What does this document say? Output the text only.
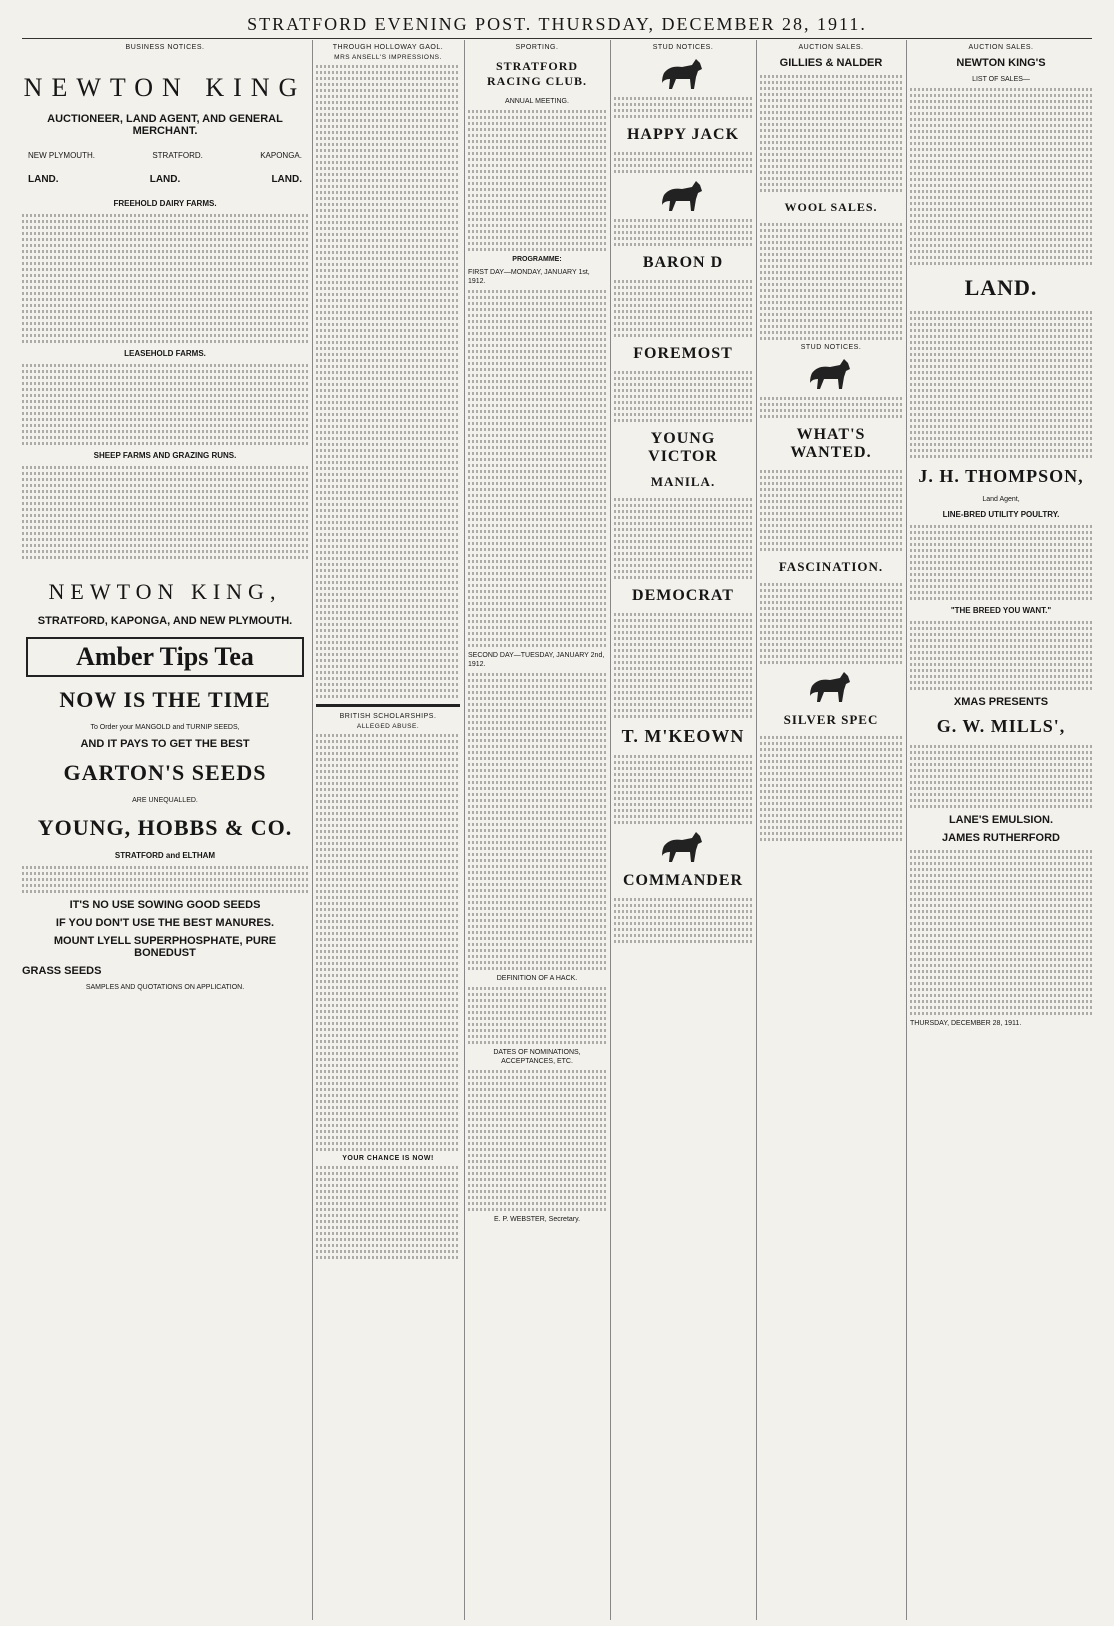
STRATFORD EVENING POST. THURSDAY, DECEMBER 28, 1911.
BUSINESS NOTICES.
NEWTON KING
AUCTIONEER, LAND AGENT, AND GENERAL MERCHANT.
NEW PLYMOUTH.	STRATFORD.	KAPONGA.
LAND.	LAND.	LAND.
FREEHOLD DAIRY FARMS.
LEASEHOLD FARMS.
SHEEP FARMS AND GRAZING RUNS.
NEWTON KING,
STRATFORD, KAPONGA, AND NEW PLYMOUTH.
Amber Tips Tea
NOW IS THE TIME
To Order your MANGOLD and TURNIP SEEDS,
AND IT PAYS TO GET THE BEST
GARTON'S SEEDS
ARE UNEQUALLED.
YOUNG, HOBBS & CO.
STRATFORD and ELTHAM
IT'S NO USE SOWING GOOD SEEDS
IF YOU DON'T USE THE BEST MANURES.
MOUNT LYELL SUPERPHOSPHATE, PURE BONEDUST
GRASS SEEDS
SAMPLES AND QUOTATIONS ON APPLICATION.
THROUGH HOLLOWAY GAOL.
MRS ANSELL'S IMPRESSIONS.
BRITISH SCHOLARSHIPS.
ALLEGED ABUSE.
YOUR CHANCE IS NOW!
SPORTING.
STRATFORD RACING CLUB.
ANNUAL MEETING.
PROGRAMME:
FIRST DAY—MONDAY, JANUARY 1st, 1912.
SECOND DAY—TUESDAY, JANUARY 2nd, 1912.
DEFINITION OF A HACK.
DATES OF NOMINATIONS, ACCEPTANCES, ETC.
E. P. WEBSTER, Secretary.
STUD NOTICES.
HAPPY JACK
BARON D
FOREMOST
YOUNG VICTOR
MANILA.
DEMOCRAT
T. M'KEOWN
COMMANDER
AUCTION SALES.
GILLIES & NALDER
WOOL SALES.
STUD NOTICES.
WHAT'S WANTED.
FASCINATION.
SILVER SPEC
AUCTION SALES.
NEWTON KING'S
LIST OF SALES—
LAND.
J. H. THOMPSON,
Land Agent,
LINE-BRED UTILITY POULTRY.
"THE BREED YOU WANT."
XMAS PRESENTS
G. W. MILLS',
LANE'S EMULSION.
JAMES RUTHERFORD
THURSDAY, DECEMBER 28, 1911.
